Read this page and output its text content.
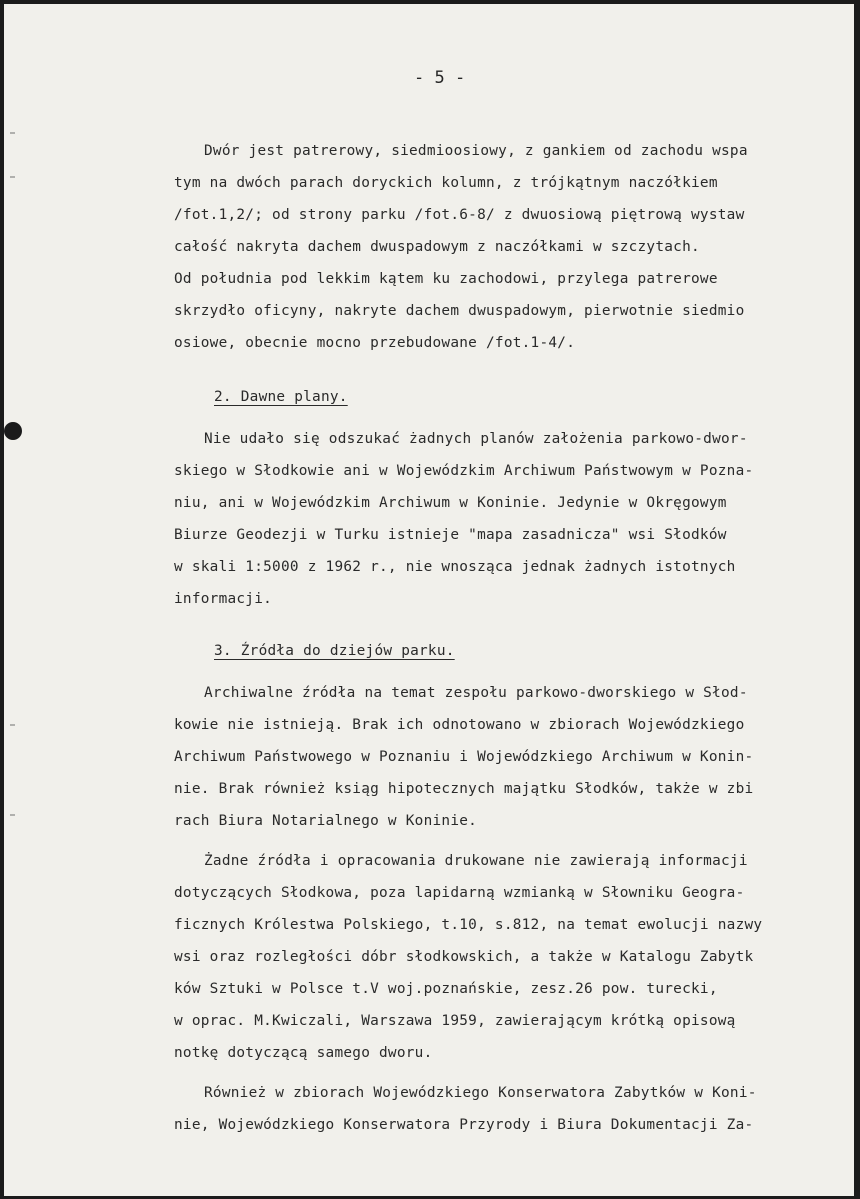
- 5 -
Dwór jest patrerowy, siedmioosiowy, z gankiem od zachodu wspa
tym na dwóch parach doryckich kolumn, z trójkątnym naczółkiem
/fot.1,2/; od strony parku /fot.6-8/ z dwuosiową piętrową wystaw
całość nakryta dachem dwuspadowym z naczółkami w szczytach.
Od południa pod lekkim kątem ku zachodowi, przylega patrerowe
skrzydło oficyny, nakryte dachem dwuspadowym, pierwotnie siedmio
osiowe, obecnie mocno przebudowane /fot.1-4/.
2. Dawne plany.
Nie udało się odszukać żadnych planów założenia parkowo-dwor-
skiego w Słodkowie ani w Wojewódzkim Archiwum Państwowym w Pozna-
niu, ani w Wojewódzkim Archiwum w Koninie. Jedynie w Okręgowym
Biurze Geodezji w Turku istnieje "mapa zasadnicza" wsi Słodków
w skali 1:5000 z 1962 r., nie wnosząca jednak żadnych istotnych
informacji.
3. Źródła do dziejów parku.
Archiwalne źródła na temat zespołu parkowo-dworskiego w Słod-
kowie nie istnieją. Brak ich odnotowano w zbiorach Wojewódzkiego
Archiwum Państwowego w Poznaniu i Wojewódzkiego Archiwum w Konin-
nie. Brak również ksiąg hipotecznych majątku Słodków, także w zbi
rach Biura Notarialnego w Koninie.
Żadne źródła i opracowania drukowane nie zawierają informacji
dotyczących Słodkowa, poza lapidarną wzmianką w Słowniku Geogra-
ficznych Królestwa Polskiego, t.10, s.812, na temat ewolucji nazwy
wsi oraz rozległości dóbr słodkowskich, a także w Katalogu Zabytk
ków Sztuki w Polsce t.V woj.poznańskie, zesz.26 pow. turecki,
w oprac. M.Kwiczali, Warszawa 1959, zawierającym krótką opisową
notkę dotyczącą samego dworu.
Również w zbiorach Wojewódzkiego Konserwatora Zabytków w Koni-
nie, Wojewódzkiego Konserwatora Przyrody i Biura Dokumentacji Za-
